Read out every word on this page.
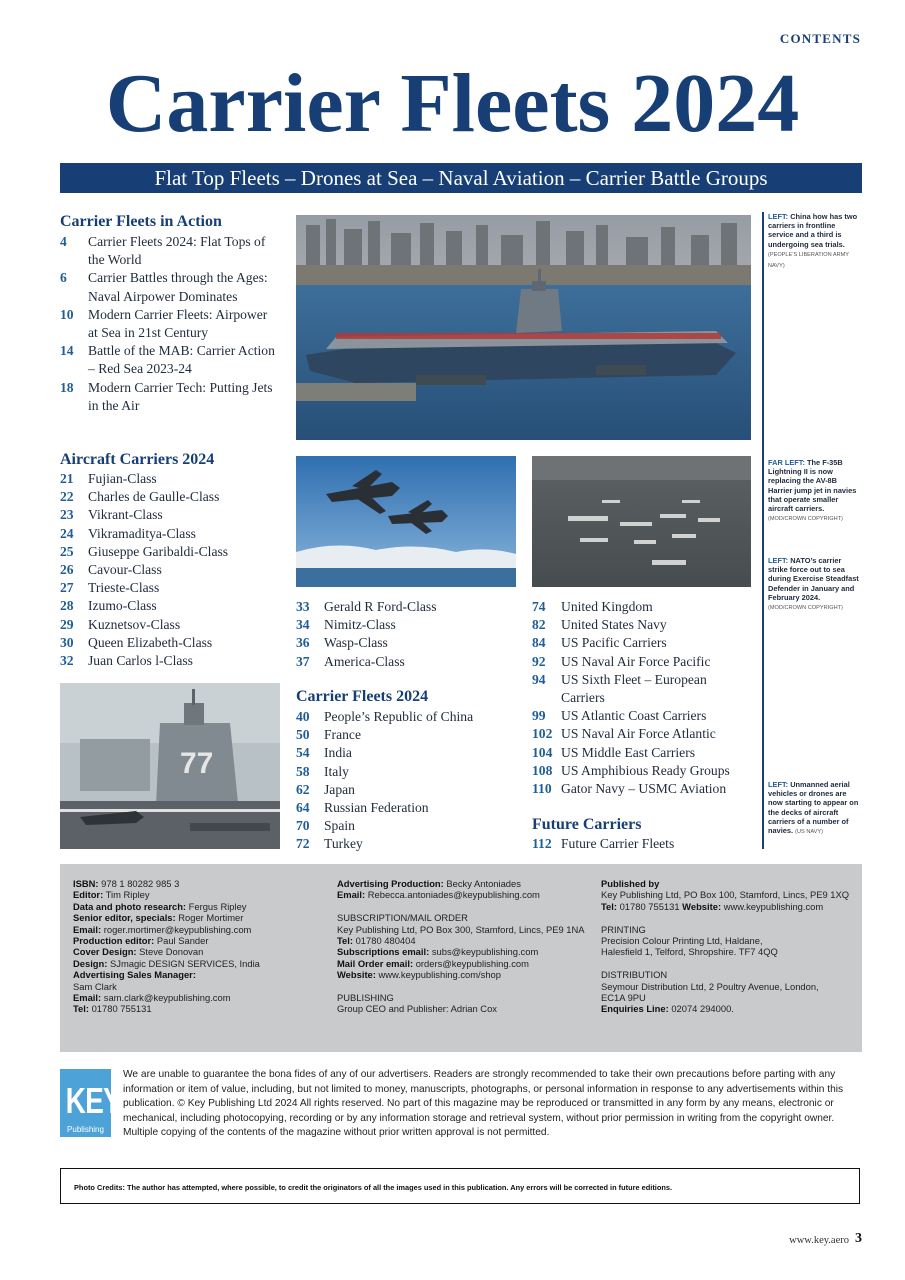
CONTENTS
Carrier Fleets 2024
Flat Top Fleets – Drones at Sea – Naval Aviation – Carrier Battle Groups
Carrier Fleets in Action
4	Carrier Fleets 2024: Flat Tops of the World
6	Carrier Battles through the Ages: Naval Airpower Dominates
10	Modern Carrier Fleets: Airpower at Sea in 21st Century
14	Battle of the MAB: Carrier Action – Red Sea 2023-24
18	Modern Carrier Tech: Putting Jets in the Air
Aircraft Carriers 2024
21	Fujian-Class
22	Charles de Gaulle-Class
23	Vikrant-Class
24	Vikramaditya-Class
25	Giuseppe Garibaldi-Class
26	Cavour-Class
27	Trieste-Class
28	Izumo-Class
29	Kuznetsov-Class
30	Queen Elizabeth-Class
32	Juan Carlos l-Class
33	Gerald R Ford-Class
34	Nimitz-Class
36	Wasp-Class
37	America-Class
Carrier Fleets 2024
40	People’s Republic of China
50	France
54	India
58	Italy
62	Japan
64	Russian Federation
70	Spain
72	Turkey
74	United Kingdom
82	United States Navy
84	US Pacific Carriers
92	US Naval Air Force Pacific
94	US Sixth Fleet – European Carriers
99	US Atlantic Coast Carriers
102 US Naval Air Force Atlantic
104 US Middle East Carriers
108 US Amphibious Ready Groups
110 Gator Navy – USMC Aviation
Future Carriers
112 Future Carrier Fleets
77
LEFT: China how has two carriers in frontline service and a third is undergoing sea trials. (PEOPLE’S LIBERATION ARMY NAVY)
FAR LEFT: The F-35B Lightning II is now replacing the AV-8B Harrier jump jet in navies that operate smaller aircraft carriers. (MOD/CROWN COPYRIGHT)
LEFT: NATO’s carrier strike force out to sea during Exercise Steadfast Defender in January and February 2024. (MOD/CROWN COPYRIGHT)
LEFT: Unmanned aerial vehicles or drones are now starting to appear on the decks of aircraft carriers of a number of navies. (US NAVY)
ISBN: 978 1 80282 985 3
Editor: Tim Ripley
Data and photo research: Fergus Ripley
Senior editor, specials: Roger Mortimer
Email: roger.mortimer@keypublishing.com
Production editor: Paul Sander
Cover Design: Steve Donovan
Design: SJmagic DESIGN SERVICES, India
Advertising Sales Manager:
Sam Clark
Email: sam.clark@keypublishing.com
Tel: 01780 755131
Advertising Production: Becky Antoniades
Email: Rebecca.antoniades@keypublishing.com
SUBSCRIPTION/MAIL ORDER
Key Publishing Ltd, PO Box 300, Stamford, Lincs, PE9 1NA
Tel: 01780 480404
Subscriptions email: subs@keypublishing.com
Mail Order email: orders@keypublishing.com
Website: www.keypublishing.com/shop
PUBLISHING
Group CEO and Publisher: Adrian Cox
Published by
Key Publishing Ltd, PO Box 100, Stamford, Lincs, PE9 1XQ
Tel: 01780 755131 Website: www.keypublishing.com
PRINTING
Precision Colour Printing Ltd, Haldane,
Halesfield 1, Telford, Shropshire. TF7 4QQ
DISTRIBUTION
Seymour Distribution Ltd, 2 Poultry Avenue, London,
EC1A 9PU
Enquiries Line: 02074 294000.
KEY
Publishing
We are unable to guarantee the bona fides of any of our advertisers. Readers are strongly recommended to take their own precautions before parting with any information or item of value, including, but not limited to money, manuscripts, photographs, or personal information in response to any advertisements within this publication. © Key Publishing Ltd 2024 All rights reserved. No part of this magazine may be reproduced or transmitted in any form by any means, electronic or mechanical, including photocopying, recording or by any information storage and retrieval system, without prior permission in writing from the copyright owner. Multiple copying of the contents of the magazine without prior written approval is not permitted.
Photo Credits: The author has attempted, where possible, to credit the originators of all the images used in this publication. Any errors will be corrected in future editions.
www.key.aero 3
